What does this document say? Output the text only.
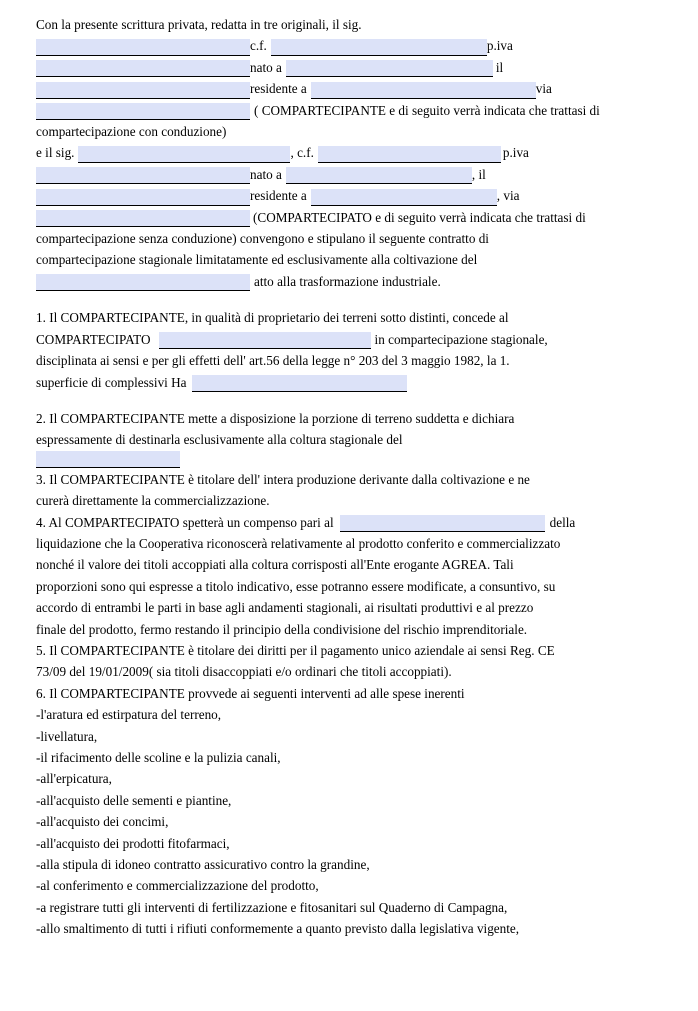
Con la presente scrittura privata, redatta in tre originali, il sig.
c.f.	p.iva
nato a	il
residente a	via
( COMPARTECIPANTE e di seguito verrà indicata che trattasi di
compartecipazione con conduzione)
e il sig.	, c.f.	p.iva
nato a	, il
residente a	, via
(COMPARTECIPATO e di seguito verrà indicata che trattasi di
compartecipazione senza conduzione) convengono e stipulano il seguente contratto di
compartecipazione stagionale limitatamente ed esclusivamente alla coltivazione del
atto alla trasformazione industriale.
1. Il COMPARTECIPANTE, in qualità di proprietario dei terreni sotto distinti, concede al
COMPARTECIPATO	in compartecipazione stagionale,
disciplinata ai sensi e per gli effetti dell' art.56 della legge n° 203 del 3 maggio 1982, la 1.
superficie di complessivi Ha
2. Il COMPARTECIPANTE mette a disposizione la porzione di terreno suddetta e dichiara
espressamente di destinarla esclusivamente alla coltura stagionale del
3. Il COMPARTECIPANTE è titolare dell' intera produzione derivante dalla coltivazione e ne
curerà direttamente la commercializzazione.
4. Al COMPARTECIPATO spetterà un compenso pari al	della
liquidazione che la Cooperativa riconoscerà relativamente al prodotto conferito e commercializzato
nonché il valore dei titoli accoppiati alla coltura corrisposti all'Ente erogante AGREA. Tali
proporzioni sono qui espresse a titolo indicativo, esse potranno essere modificate, a consuntivo, su
accordo di entrambi le parti in base agli andamenti stagionali, ai risultati produttivi e al prezzo
finale del prodotto, fermo restando il principio della condivisione del rischio imprenditoriale.
5. Il COMPARTECIPANTE è titolare dei diritti per il pagamento unico aziendale ai sensi Reg. CE
73/09 del 19/01/2009( sia titoli disaccoppiati e/o ordinari che titoli accoppiati).
6. Il COMPARTECIPANTE provvede ai seguenti interventi ad alle spese inerenti
-l'aratura ed estirpatura del terreno,
-livellatura,
-il rifacimento delle scoline e la pulizia canali,
-all'erpicatura,
-all'acquisto delle sementi e piantine,
-all'acquisto dei concimi,
-all'acquisto dei prodotti fitofarmaci,
-alla stipula di idoneo contratto assicurativo contro la grandine,
-al conferimento e commercializzazione del prodotto,
-a registrare tutti gli interventi di fertilizzazione e fitosanitari sul Quaderno di Campagna,
-allo smaltimento di tutti i rifiuti conformemente a quanto previsto dalla legislativa vigente,
